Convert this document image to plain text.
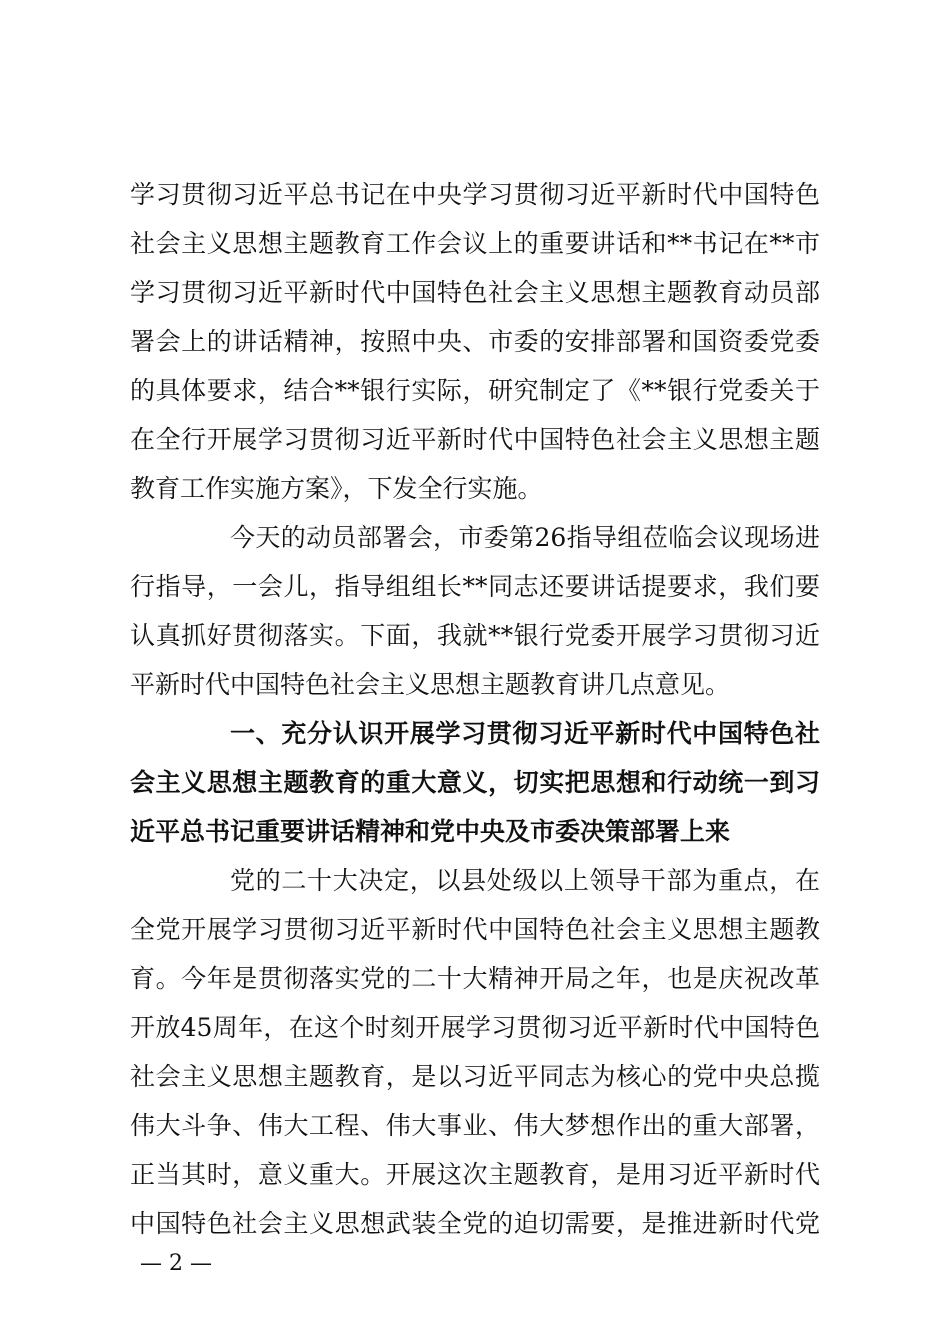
学习贯彻习近平总书记在中央学习贯彻习近平新时代中国特色
社会主义思想主题教育工作会议上的重要讲话和**书记在**市
学习贯彻习近平新时代中国特色社会主义思想主题教育动员部
署会上的讲话精神，按照中央、市委的安排部署和国资委党委
的具体要求，结合**银行实际，研究制定了《**银行党委关于
在全行开展学习贯彻习近平新时代中国特色社会主义思想主题
教育工作实施方案》，下发全行实施。
今天的动员部署会，市委第26指导组莅临会议现场进
行指导，一会儿，指导组组长**同志还要讲话提要求，我们要
认真抓好贯彻落实。下面，我就**银行党委开展学习贯彻习近
平新时代中国特色社会主义思想主题教育讲几点意见。
一、充分认识开展学习贯彻习近平新时代中国特色社
会主义思想主题教育的重大意义，切实把思想和行动统一到习
近平总书记重要讲话精神和党中央及市委决策部署上来
党的二十大决定，以县处级以上领导干部为重点，在
全党开展学习贯彻习近平新时代中国特色社会主义思想主题教
育。今年是贯彻落实党的二十大精神开局之年，也是庆祝改革
开放45周年，在这个时刻开展学习贯彻习近平新时代中国特色
社会主义思想主题教育，是以习近平同志为核心的党中央总揽
伟大斗争、伟大工程、伟大事业、伟大梦想作出的重大部署，
正当其时，意义重大。开展这次主题教育，是用习近平新时代
中国特色社会主义思想武装全党的迫切需要，是推进新时代党
— 2 —
